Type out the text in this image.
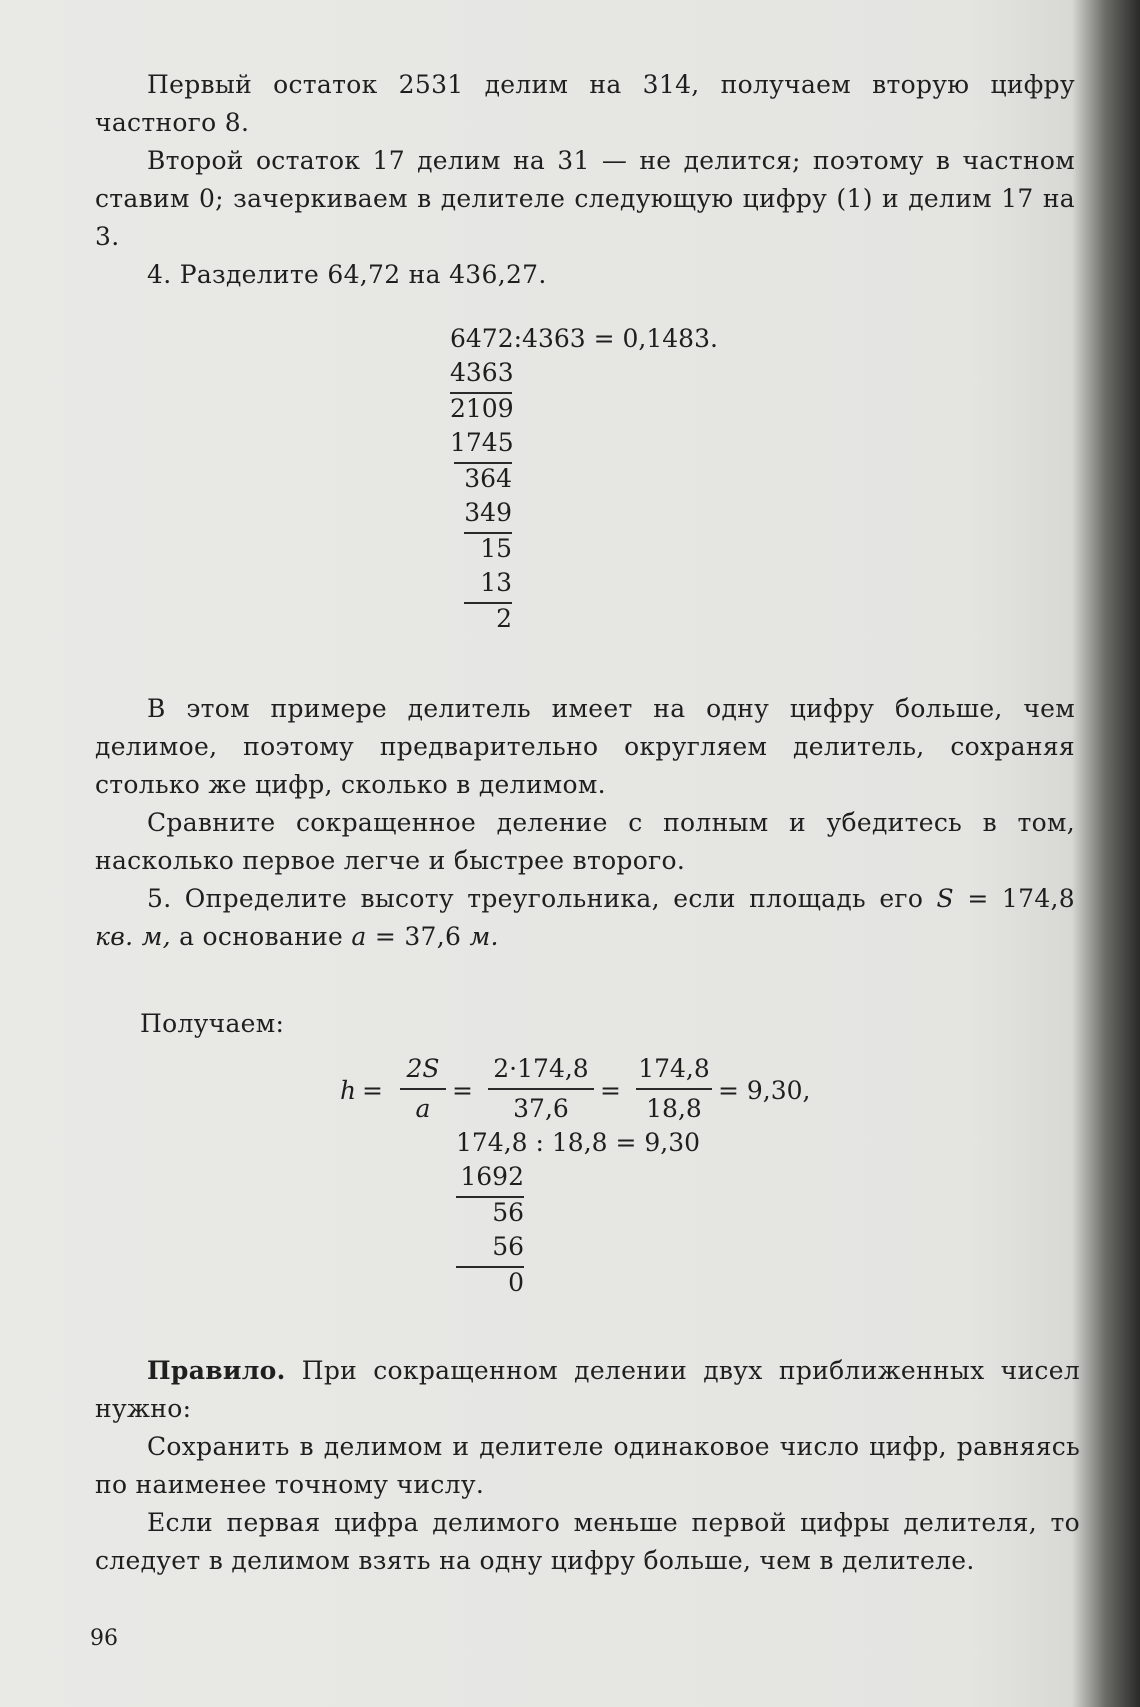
Первый остаток 2531 делим на 314, получаем вторую цифру частного 8.

Второй остаток 17 делим на 31 — не делится; поэтому в частном ставим 0; зачеркиваем в делителе следующую цифру (1) и делим 17 на 3.

4. Разделите 64,72 на 436,27.

6472:4363 = 0,1483.
4363
2109
1745
364
349
15
13
2

В этом примере делитель имеет на одну цифру больше, чем делимое, поэтому предварительно округляем делитель, сохраняя столько же цифр, сколько в делимом.

Сравните сокращенное деление с полным и убедитесь в том, насколько первое легче и быстрее второго.

5. Определите высоту треугольника, если площадь его S = 174,8 кв. м, а основание a = 37,6 м.

Получаем:

h =
2S
a
=
2·174,8
37,6
=
174,8
18,8
= 9,30,
174,8 : 18,8 = 9,30
1692
56
56
0

Правило. При сокращенном делении двух приближенных чисел нужно:

Сохранить в делимом и делителе одинаковое число цифр, равняясь по наименее точному числу.

Если первая цифра делимого меньше первой цифры делителя, то следует в делимом взять на одну цифру больше, чем в делителе.

96
